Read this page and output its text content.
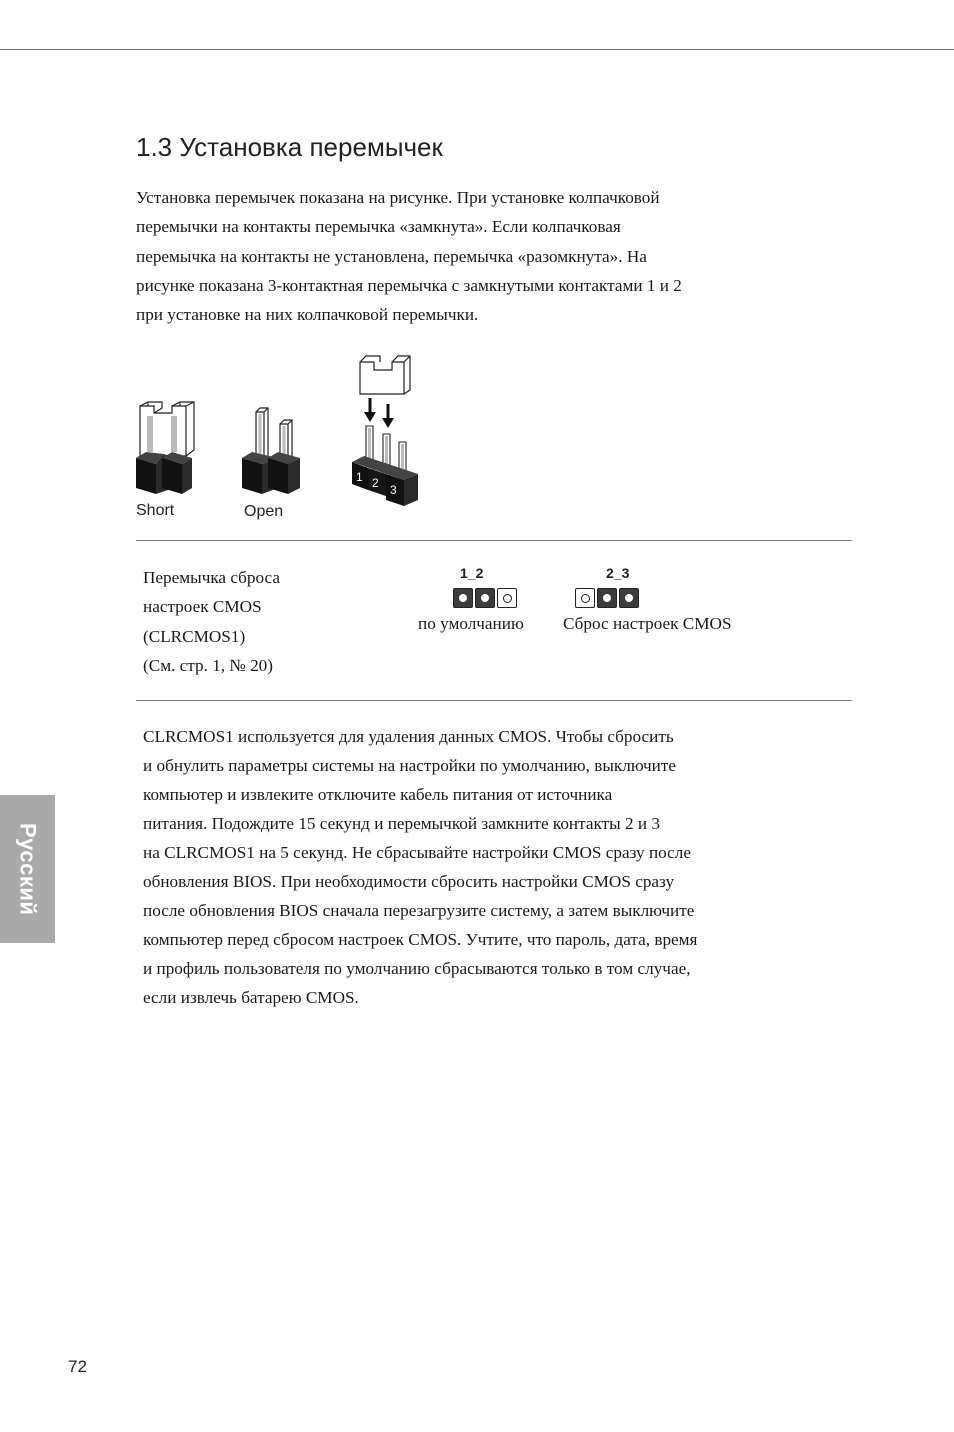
1.3 Установка перемычек
Установка перемычек показана на рисунке. При установке колпачковой
перемычки на контакты перемычка «замкнута». Если колпачковая
перемычка на контакты не установлена, перемычка «разомкнута». На
рисунке показана 3-контактная перемычка с замкнутыми контактами 1 и 2
при установке на них колпачковой перемычки.
Short	Open
1 2 3
Перемычка сброса
настроек CMOS
(CLRCMOS1)
(См. стр. 1, № 20)
1_2
по умолчанию
2_3
Сброс настроек CMOS
CLRCMOS1 используется для удаления данных CMOS. Чтобы сбросить
и обнулить параметры системы на настройки по умолчанию, выключите
компьютер и извлеките отключите кабель питания от источника
питания. Подождите 15 секунд и перемычкой замкните контакты 2 и 3
на CLRCMOS1 на 5 секунд. Не сбрасывайте настройки CMOS сразу после
обновления BIOS. При необходимости сбросить настройки CMOS сразу
после обновления BIOS сначала перезагрузите систему, а затем выключите
компьютер перед сбросом настроек CMOS. Учтите, что пароль, дата, время
и профиль пользователя по умолчанию сбрасываются только в том случае,
если извлечь батарею CMOS.
Русский
72
